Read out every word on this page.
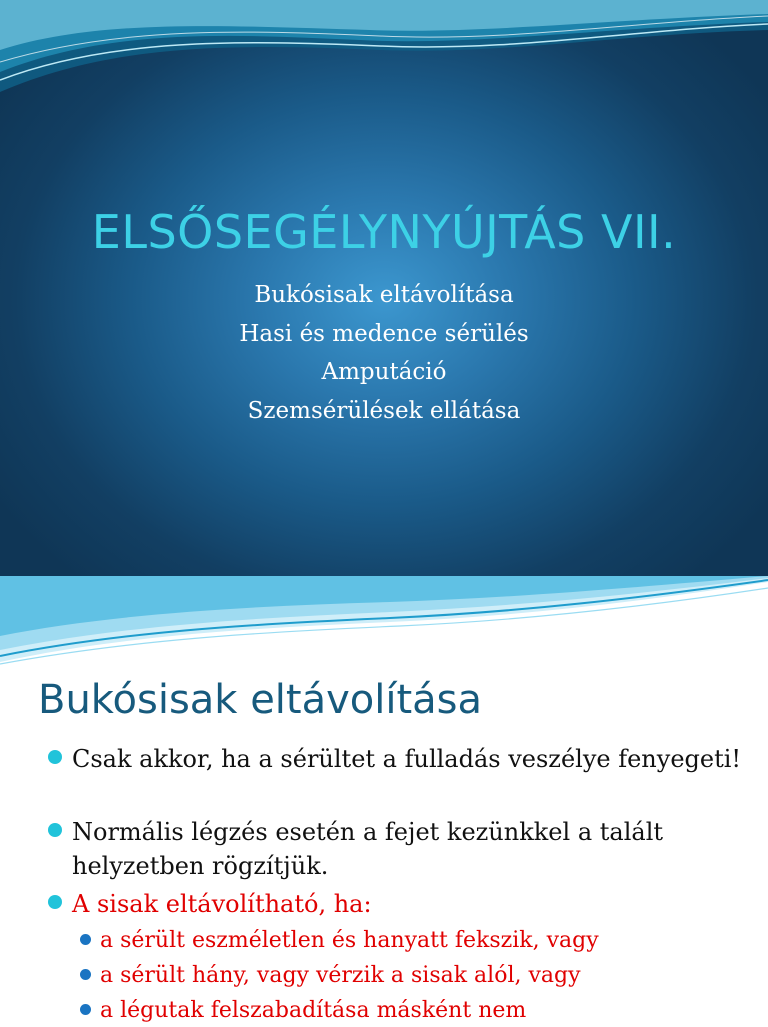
ELSŐSEGÉLYNYÚJTÁS VII.
Bukósisak eltávolítása
Hasi és medence sérülés
Amputáció
Szemsérülések ellátása
Bukósisak eltávolítása
Csak akkor, ha a sérültet a fulladás veszélye fenyegeti!
Normális légzés esetén a fejet kezünkkel a talált helyzetben rögzítjük.
A sisak eltávolítható, ha:
a sérült eszméletlen és hanyatt fekszik, vagy
a sérült hány, vagy vérzik a sisak alól, vagy
a légutak felszabadítása másként nem
